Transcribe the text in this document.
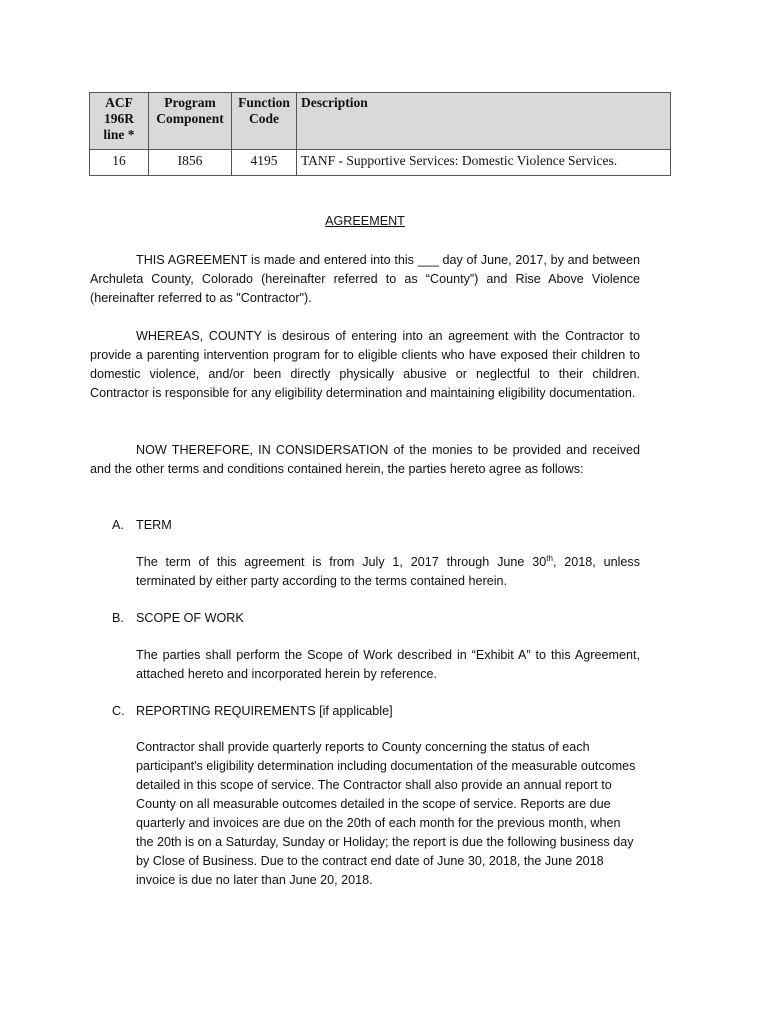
ACF 196R line *	Program Component	Function Code	Description
16	I856	4195	TANF - Supportive Services: Domestic Violence Services.
AGREEMENT

THIS AGREEMENT is made and entered into this ___ day of June, 2017, by and between Archuleta County, Colorado (hereinafter referred to as “County”) and Rise Above Violence (hereinafter referred to as "Contractor").

WHEREAS, COUNTY is desirous of entering into an agreement with the Contractor to provide a parenting intervention program for to eligible clients who have exposed their children to domestic violence, and/or been directly physically abusive or neglectful to their children. Contractor is responsible for any eligibility determination and maintaining eligibility documentation.

NOW THEREFORE, IN CONSIDERSATION of the monies to be provided and received and the other terms and conditions contained herein, the parties hereto agree as follows:

A. TERM

The term of this agreement is from July 1, 2017 through June 30th, 2018, unless terminated by either party according to the terms contained herein.

B. SCOPE OF WORK

The parties shall perform the Scope of Work described in “Exhibit A” to this Agreement, attached hereto and incorporated herein by reference.

C. REPORTING REQUIREMENTS [if applicable]

Contractor shall provide quarterly reports to County concerning the status of each participant's eligibility determination including documentation of the measurable outcomes detailed in this scope of service. The Contractor shall also provide an annual report to County on all measurable outcomes detailed in the scope of service. Reports are due quarterly and invoices are due on the 20th of each month for the previous month, when the 20th is on a Saturday, Sunday or Holiday; the report is due the following business day by Close of Business. Due to the contract end date of June 30, 2018, the June 2018 invoice is due no later than June 20, 2018.
